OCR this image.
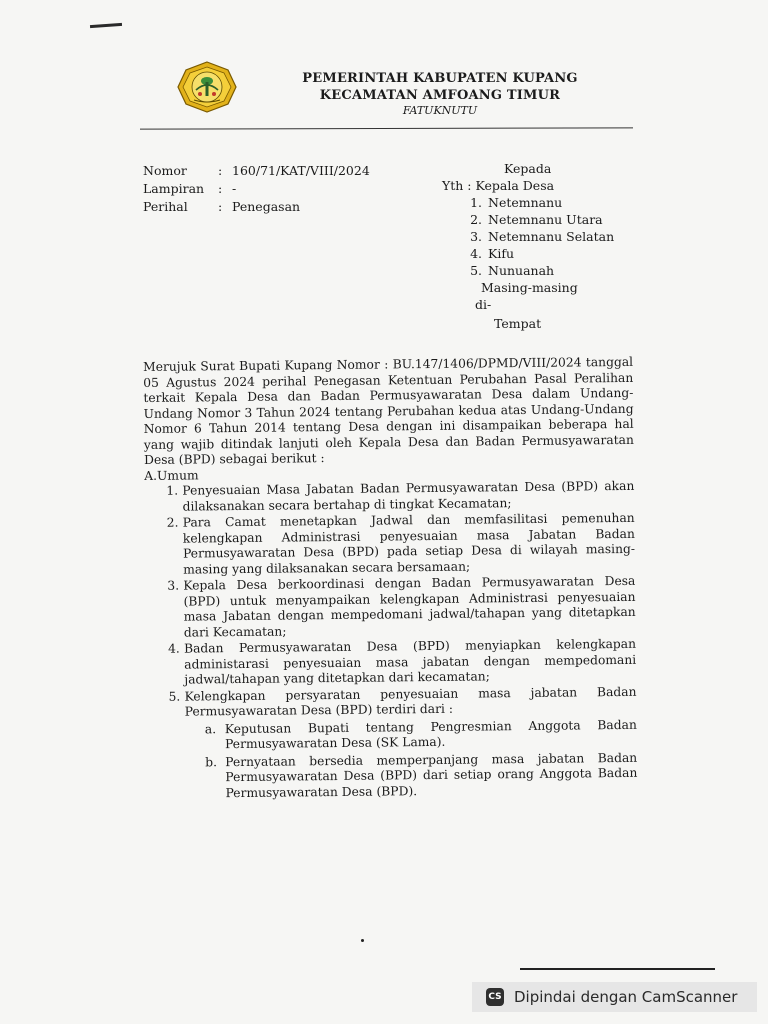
PEMERINTAH KABUPATEN KUPANG
KECAMATAN AMFOANG TIMUR
FATUKNUTU
Nomor : 160/71/KAT/VIII/2024
Lampiran : -
Perihal : Penegasan
Kepada
Yth : Kepala Desa
1. Netemnanu
2. Netemnanu Utara
3. Netemnanu Selatan
4. Kifu
5. Nunuanah
Masing-masing
di-
Tempat

Merujuk Surat Bupati Kupang Nomor : BU.147/1406/DPMD/VIII/2024 tanggal 05 Agustus 2024 perihal Penegasan Ketentuan Perubahan Pasal Peralihan terkait Kepala Desa dan Badan Permusyawaratan Desa dalam Undang-Undang Nomor 3 Tahun 2024 tentang Perubahan kedua atas Undang-Undang Nomor 6 Tahun 2014 tentang Desa dengan ini disampaikan beberapa hal yang wajib ditindak lanjuti oleh Kepala Desa dan Badan Permusyawaratan Desa (BPD) sebagai berikut :

A.Umum
1. Penyesuaian Masa Jabatan Badan Permusyawaratan Desa (BPD) akan dilaksanakan secara bertahap di tingkat Kecamatan;
2. Para Camat menetapkan Jadwal dan memfasilitasi pemenuhan kelengkapan Administrasi penyesuaian masa Jabatan Badan Permusyawaratan Desa (BPD) pada setiap Desa di wilayah masing-masing yang dilaksanakan secara bersamaan;
3. Kepala Desa berkoordinasi dengan Badan Permusyawaratan Desa (BPD) untuk menyampaikan kelengkapan Administrasi penyesuaian masa Jabatan dengan mempedomani jadwal/tahapan yang ditetapkan dari Kecamatan;
4. Badan Permusyawaratan Desa (BPD) menyiapkan kelengkapan administarasi penyesuaian masa jabatan dengan mempedomani jadwal/tahapan yang ditetapkan dari kecamatan;
5. Kelengkapan persyaratan penyesuaian masa jabatan Badan Permusyawaratan Desa (BPD) terdiri dari :
a. Keputusan Bupati tentang Pengresmian Anggota Badan Permusyawaratan Desa (SK Lama).
b. Pernyataan bersedia memperpanjang masa jabatan Badan Permusyawaratan Desa (BPD) dari setiap orang Anggota Badan Permusyawaratan Desa (BPD).
CS Dipindai dengan CamScanner
